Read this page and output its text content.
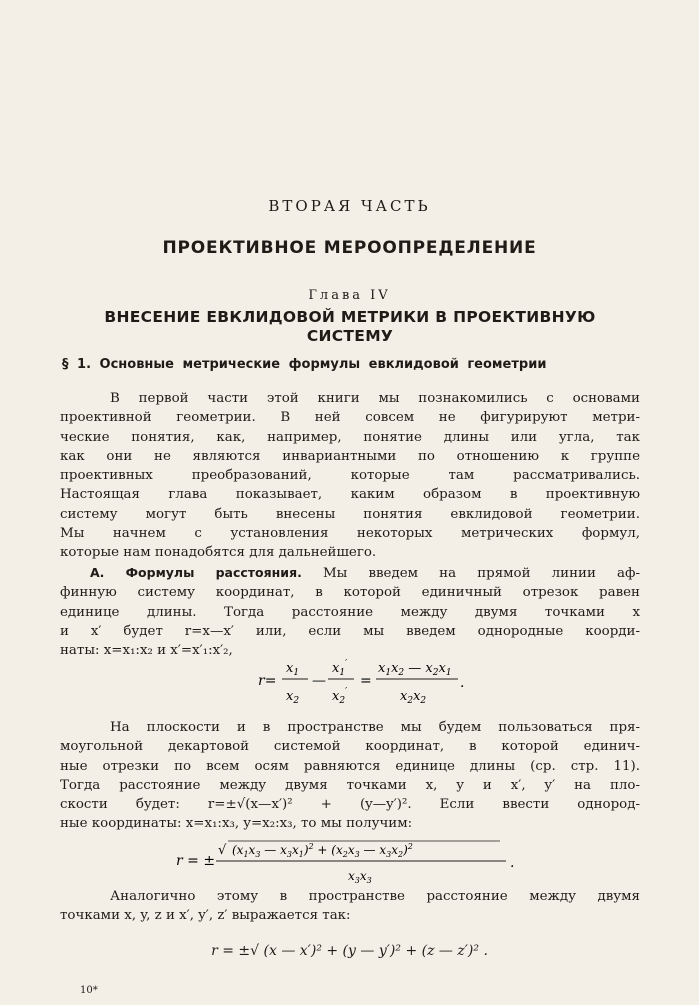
ВТОРАЯ ЧАСТЬ
ПРОЕКТИВНОЕ МЕРООПРЕДЕЛЕНИЕ
Глава IV
ВНЕСЕНИЕ ЕВКЛИДОВОЙ МЕТРИКИ В ПРОЕКТИВНУЮ
СИСТЕМУ
§ 1. Основные метрические формулы евклидовой геометрии
В первой части этой книги мы познакомились с основами
проективной геометрии. В ней совсем не фигурируют метри-
ческие понятия, как, например, понятие длины или угла, так
как они не являются инвариантными по отношению к группе
проективных преобразований, которые там рассматривались.
Настоящая глава показывает, каким образом в проективную
систему могут быть внесены понятия евклидовой геометрии.
Мы начнем с установления некоторых метрических формул,
которые нам понадобятся для дальнейшего.
А. Формулы расстояния. Мы введем на прямой линии аф-
финную систему координат, в которой единичный отрезок равен
единице длины. Тогда расстояние между двумя точками x
и x′ будет r=x—x′ или, если мы введем однородные коорди-
наты: x=x₁:x₂ и x′=x′₁:x′₂,
r=
$x_1$
$x_2$
—
$x_1'$
$x_2'$
=
$x_1x_2$ — $x_2x_1$
$x_2x_2$
.
На плоскости и в пространстве мы будем пользоваться пря-
моугольной декартовой системой координат, в которой единич-
ные отрезки по всем осям равняются единице длины (ср. стр. 11).
Тогда расстояние между двумя точками x, y и x′, y′ на пло-
скости будет: r=±√(x—x′)² + (y—y′)². Если ввести однород-
ные координаты: x=x₁:x₃, y=x₂:x₃, то мы получим:
r = ±
√ ($x_1x_3$ — $x_3x_1)^2 + (x_2x_3$ — $x_3x_2)^2$
$x_3x_3$
.
Аналогично этому в пространстве расстояние между двумя
точками x, y, z и x′, y′, z′ выражается так:
r = ±√ (x — x′)² + (y — y′)² + (z — z′)² .
10*
